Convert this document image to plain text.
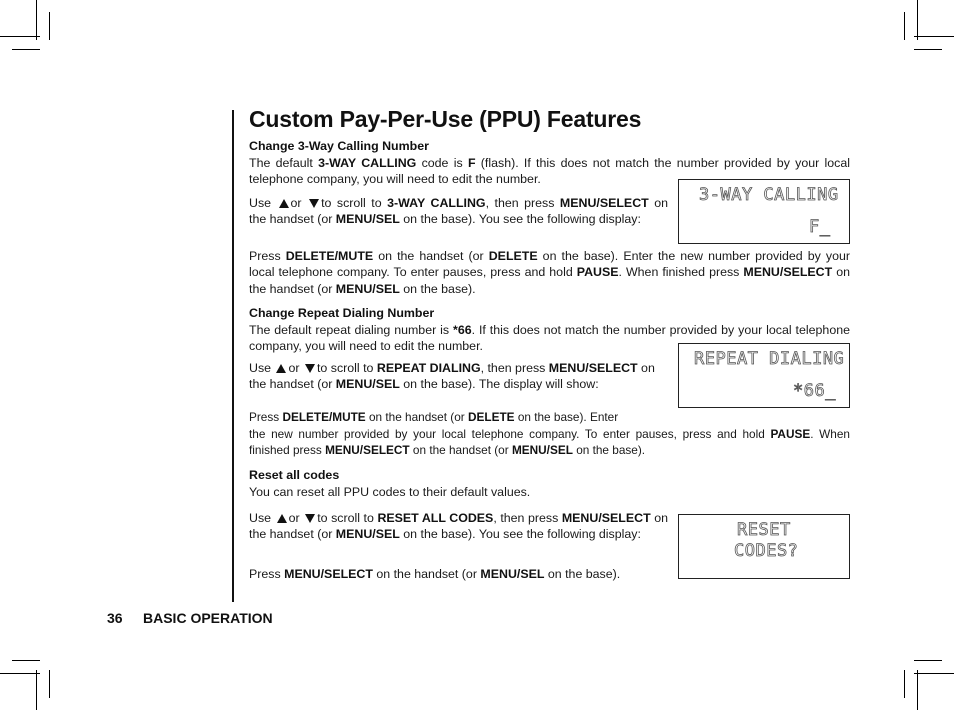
Custom Pay-Per-Use (PPU) Features
Change 3-Way Calling Number
The default 3-WAY CALLING code is F (flash). If this does not match the number provided by your local telephone company, you will need to edit the number.
Use or to scroll to 3-WAY CALLING, then press MENU/SELECT on the handset (or MENU/SEL on the base). You see the following display:

3-WAY CALLING

F_

Press DELETE/MUTE on the handset (or DELETE on the base). Enter the new number provided by your local telephone company. To enter pauses, press and hold PAUSE. When finished press MENU/SELECT on the handset (or MENU/SEL on the base).
Change Repeat Dialing Number
The default repeat dialing number is *66. If this does not match the number provided by your local telephone company, you will need to edit the number.
Use or to scroll to REPEAT DIALING, then press MENU/SELECT on the handset (or MENU/SEL on the base). The display will show:

REPEAT DIALING

*66_

Press DELETE/MUTE on the handset (or DELETE on the base). Enter
the new number provided by your local telephone company. To enter pauses, press and hold PAUSE. When finished press MENU/SELECT on the handset (or MENU/SEL on the base).
Reset all codes
You can reset all PPU codes to their default values.
Use or to scroll to RESET ALL CODES, then press MENU/SELECT on the handset (or MENU/SEL on the base). You see the following display:

	RESET

CODES?

Press MENU/SELECT on the handset (or MENU/SEL on the base).
36 BASIC OPERATION
